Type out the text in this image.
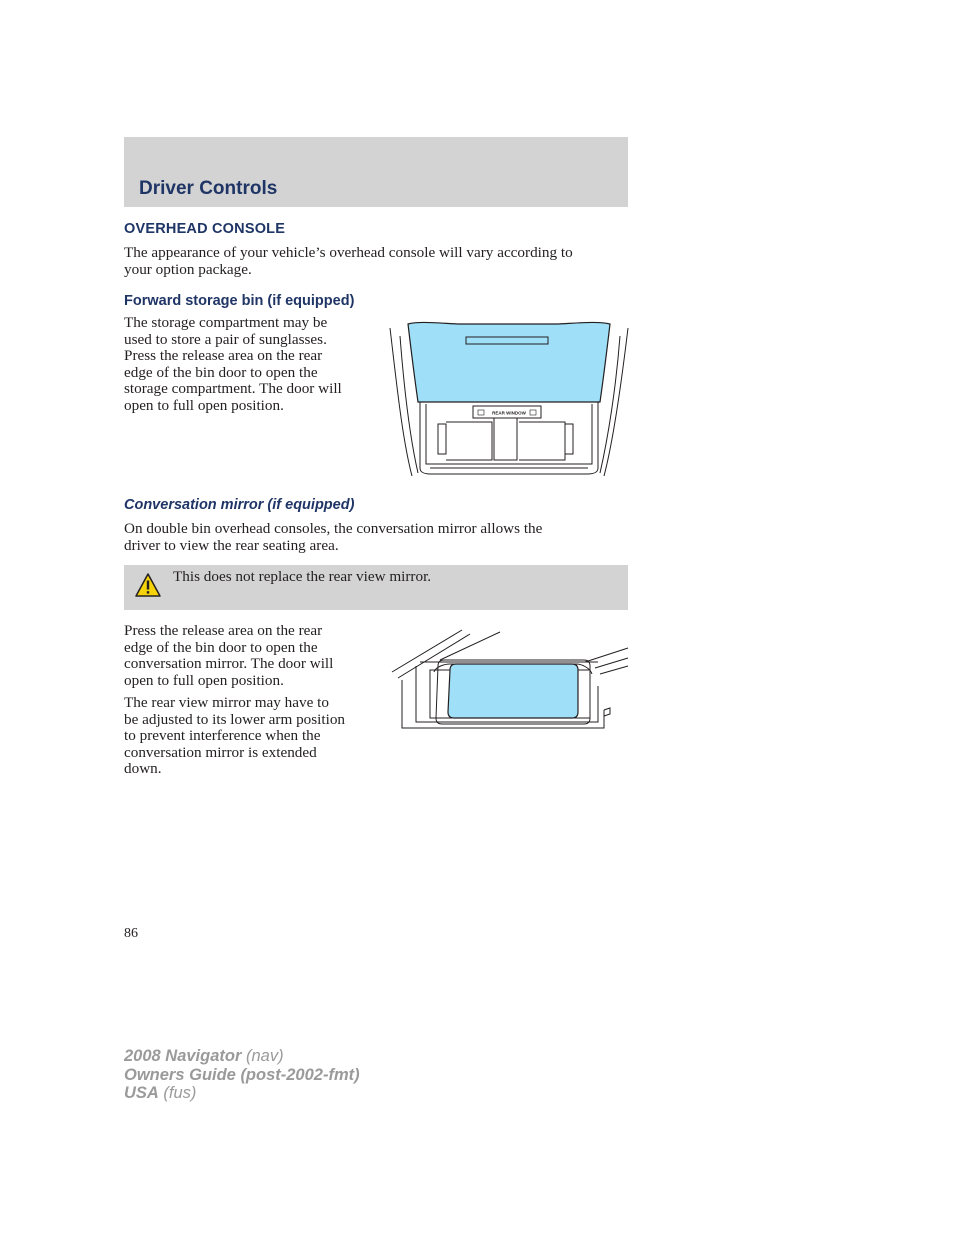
Driver Controls
OVERHEAD CONSOLE

The appearance of your vehicle’s overhead console will vary according to
your option package.

Forward storage bin (if equipped)

The storage compartment may be
used to store a pair of sunglasses.
Press the release area on the rear
edge of the bin door to open the
storage compartment. The door will
open to full open position.	REAR WINDOW
Conversation mirror (if equipped)

On double bin overhead consoles, the conversation mirror allows the
driver to view the rear seating area.

This does not replace the rear view mirror.

Press the release area on the rear
edge of the bin door to open the
conversation mirror. The door will
open to full open position.

The rear view mirror may have to
be adjusted to its lower arm position
to prevent interference when the
conversation mirror is extended
down.

86

2008 Navigator (nav)
Owners Guide (post-2002-fmt)
USA (fus)
